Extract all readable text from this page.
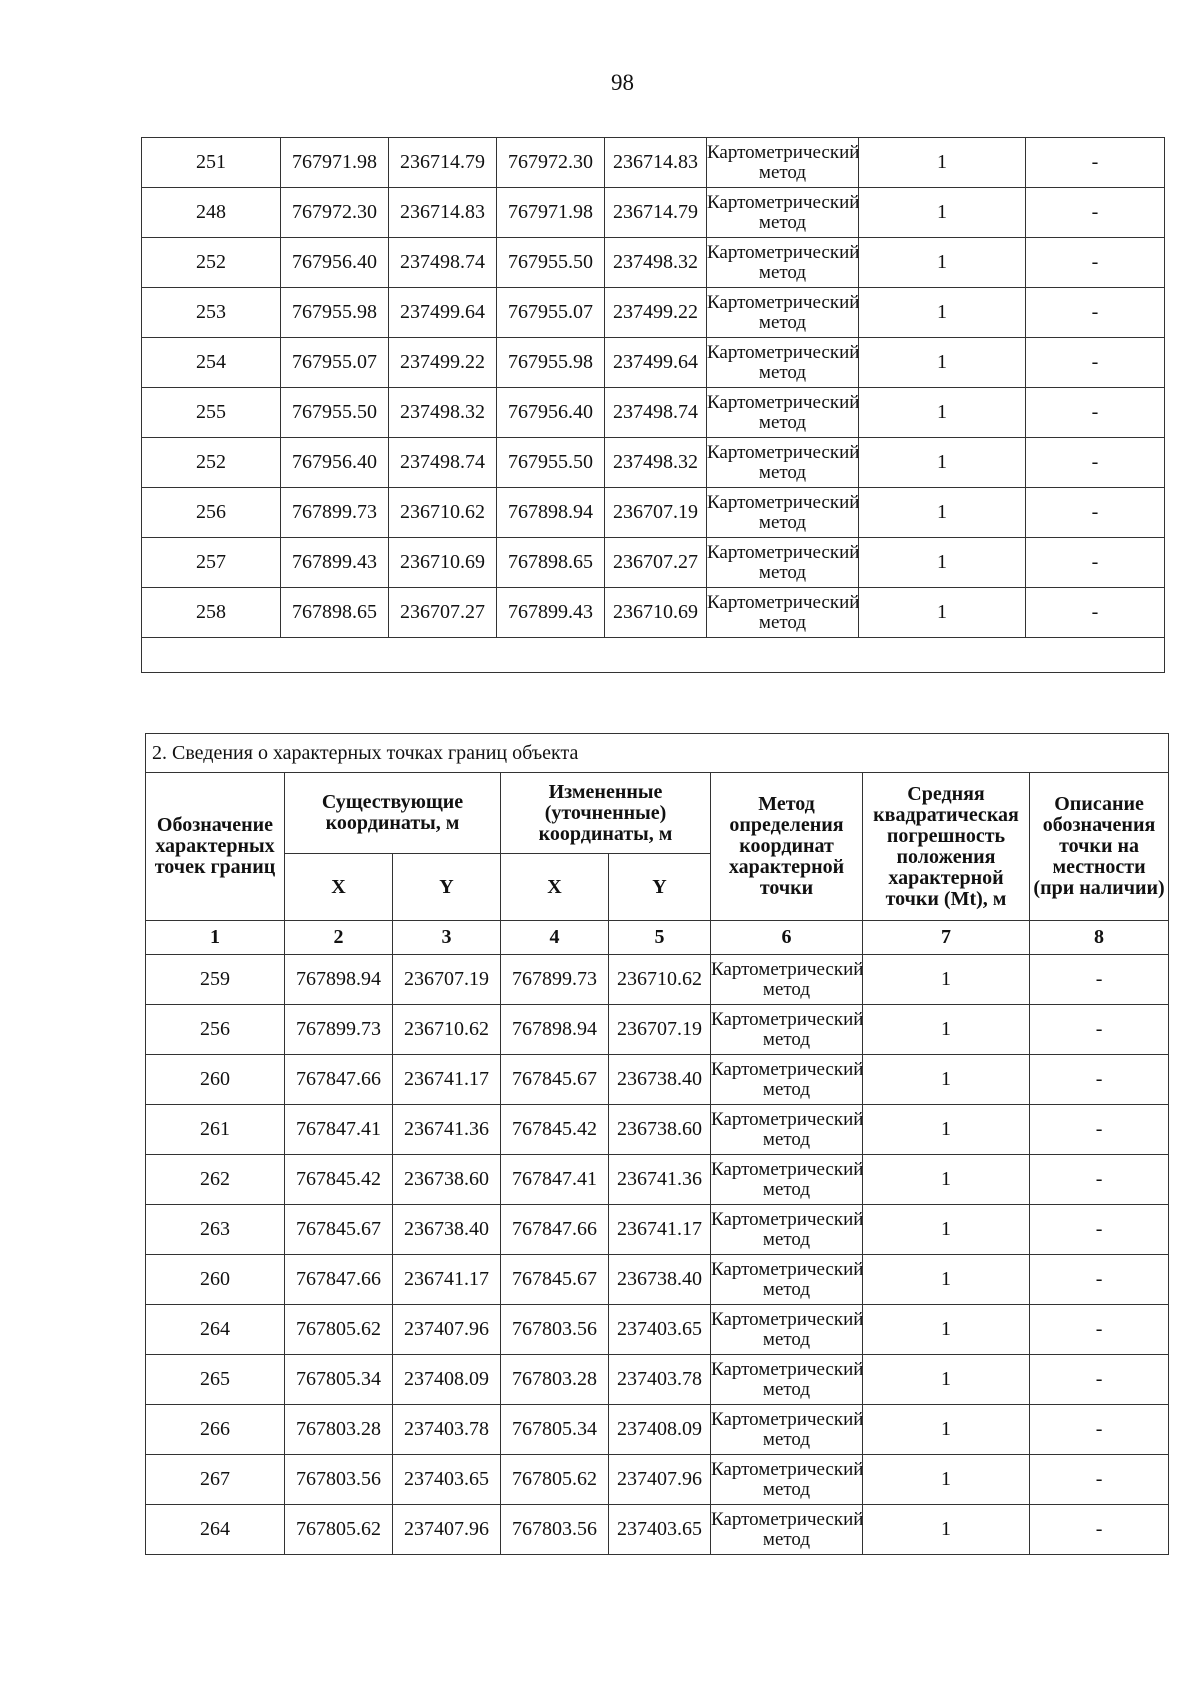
98
251	767971.98	236714.79	767972.30	236714.83	Картометрический метод	1	-
248	767972.30	236714.83	767971.98	236714.79	Картометрический метод	1	-
252	767956.40	237498.74	767955.50	237498.32	Картометрический метод	1	-
253	767955.98	237499.64	767955.07	237499.22	Картометрический метод	1	-
254	767955.07	237499.22	767955.98	237499.64	Картометрический метод	1	-
255	767955.50	237498.32	767956.40	237498.74	Картометрический метод	1	-
252	767956.40	237498.74	767955.50	237498.32	Картометрический метод	1	-
256	767899.73	236710.62	767898.94	236707.19	Картометрический метод	1	-
257	767899.43	236710.69	767898.65	236707.27	Картометрический метод	1	-
258	767898.65	236707.27	767899.43	236710.69	Картометрический метод	1	-

2. Сведения о характерных точках границ объекта							
Обозначение характерных точек границ	Существующие координаты, м		Измененные (уточненные) координаты, м		Метод определения координат характерной точки	Средняя квадратическая погрешность положения характерной точки (Mt), м	Описание обозначения точки на местности (при наличии)
	X	Y	X	Y			
1	2	3	4	5	6	7	8
259	767898.94	236707.19	767899.73	236710.62	Картометрический метод	1	-
256	767899.73	236710.62	767898.94	236707.19	Картометрический метод	1	-
260	767847.66	236741.17	767845.67	236738.40	Картометрический метод	1	-
261	767847.41	236741.36	767845.42	236738.60	Картометрический метод	1	-
262	767845.42	236738.60	767847.41	236741.36	Картометрический метод	1	-
263	767845.67	236738.40	767847.66	236741.17	Картометрический метод	1	-
260	767847.66	236741.17	767845.67	236738.40	Картометрический метод	1	-
264	767805.62	237407.96	767803.56	237403.65	Картометрический метод	1	-
265	767805.34	237408.09	767803.28	237403.78	Картометрический метод	1	-
266	767803.28	237403.78	767805.34	237408.09	Картометрический метод	1	-
267	767803.56	237403.65	767805.62	237407.96	Картометрический метод	1	-
264	767805.62	237407.96	767803.56	237403.65	Картометрический метод	1	-
